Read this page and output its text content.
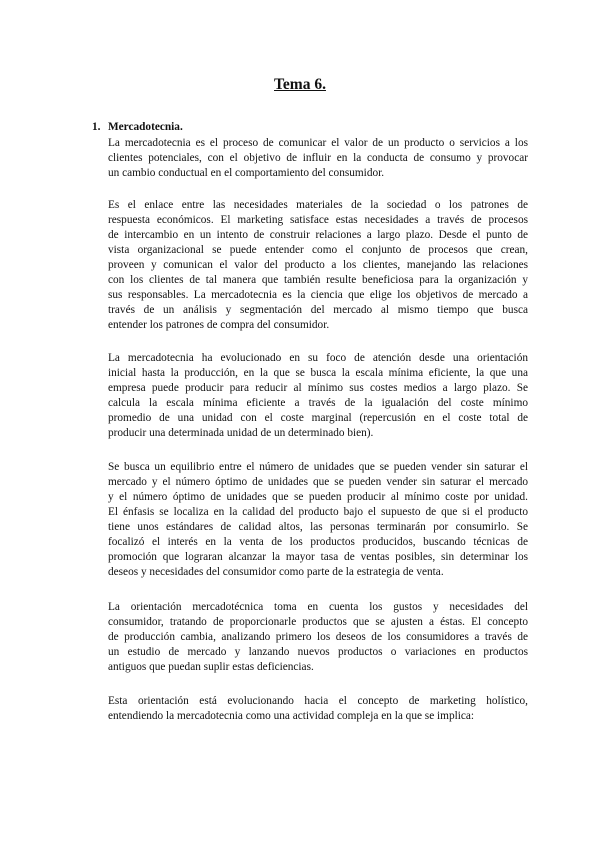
Tema 6.
1. Mercadotecnia.

La mercadotecnia es el proceso de comunicar el valor de un producto o servicios a los
clientes potenciales, con el objetivo de influir en la conducta de consumo y provocar
un cambio conductual en el comportamiento del consumidor.

Es el enlace entre las necesidades materiales de la sociedad o los patrones de
respuesta económicos. El marketing satisface estas necesidades a través de procesos
de intercambio en un intento de construir relaciones a largo plazo. Desde el punto de
vista organizacional se puede entender como el conjunto de procesos que crean,
proveen y comunican el valor del producto a los clientes, manejando las relaciones
con los clientes de tal manera que también resulte beneficiosa para la organización y
sus responsables. La mercadotecnia es la ciencia que elige los objetivos de mercado a
través de un análisis y segmentación del mercado al mismo tiempo que busca
entender los patrones de compra del consumidor.

La mercadotecnia ha evolucionado en su foco de atención desde una orientación
inicial hasta la producción, en la que se busca la escala mínima eficiente, la que una
empresa puede producir para reducir al mínimo sus costes medios a largo plazo. Se
calcula la escala mínima eficiente a través de la igualación del coste mínimo
promedio de una unidad con el coste marginal (repercusión en el coste total de
producir una determinada unidad de un determinado bien).

Se busca un equilibrio entre el número de unidades que se pueden vender sin saturar el
mercado y el número óptimo de unidades que se pueden vender sin saturar el mercado
y el número óptimo de unidades que se pueden producir al mínimo coste por unidad.
El énfasis se localiza en la calidad del producto bajo el supuesto de que si el producto
tiene unos estándares de calidad altos, las personas terminarán por consumirlo. Se
focalizó el interés en la venta de los productos producidos, buscando técnicas de
promoción que lograran alcanzar la mayor tasa de ventas posibles, sin determinar los
deseos y necesidades del consumidor como parte de la estrategia de venta.

La orientación mercadotécnica toma en cuenta los gustos y necesidades del
consumidor, tratando de proporcionarle productos que se ajusten a éstas. El concepto
de producción cambia, analizando primero los deseos de los consumidores a través de
un estudio de mercado y lanzando nuevos productos o variaciones en productos
antiguos que puedan suplir estas deficiencias.

Esta orientación está evolucionando hacia el concepto de marketing holístico,
entendiendo la mercadotecnia como una actividad compleja en la que se implica:
